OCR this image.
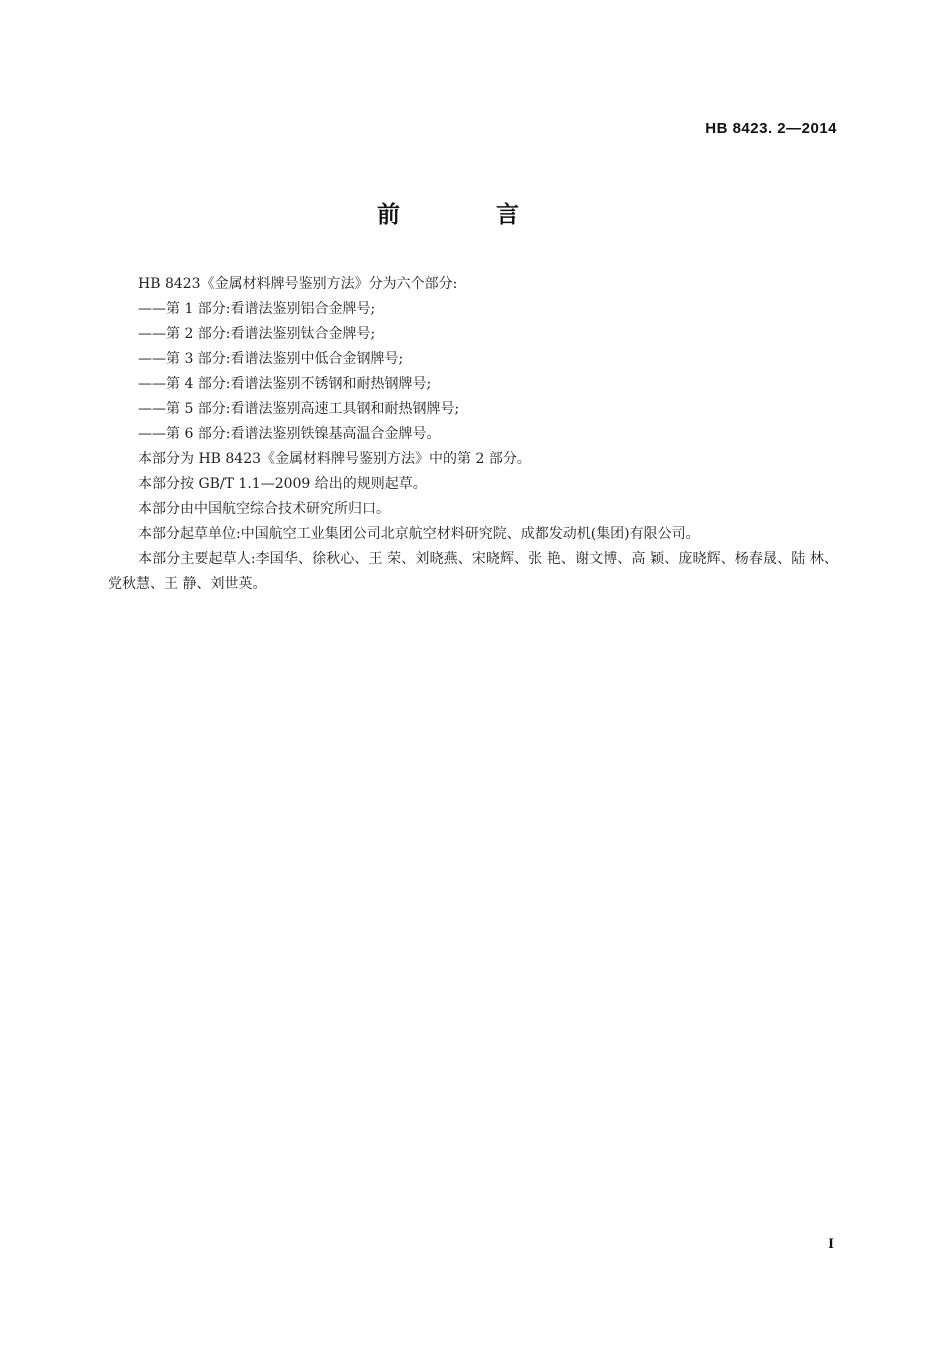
HB 8423. 2—2014
前 言

HB 8423《金属材料牌号鉴别方法》分为六个部分:

——第 1 部分:看谱法鉴别铝合金牌号;

——第 2 部分:看谱法鉴别钛合金牌号;

——第 3 部分:看谱法鉴别中低合金钢牌号;

——第 4 部分:看谱法鉴别不锈钢和耐热钢牌号;

——第 5 部分:看谱法鉴别高速工具钢和耐热钢牌号;

——第 6 部分:看谱法鉴别铁镍基高温合金牌号。

本部分为 HB 8423《金属材料牌号鉴别方法》中的第 2 部分。

本部分按 GB/T 1.1—2009 给出的规则起草。

本部分由中国航空综合技术研究所归口。

本部分起草单位:中国航空工业集团公司北京航空材料研究院、成都发动机(集团)有限公司。

本部分主要起草人:李国华、徐秋心、王 荣、刘晓燕、宋晓辉、张 艳、谢文博、高 颖、庞晓辉、杨春晟、陆 林、党秋慧、王 静、刘世英。

I
